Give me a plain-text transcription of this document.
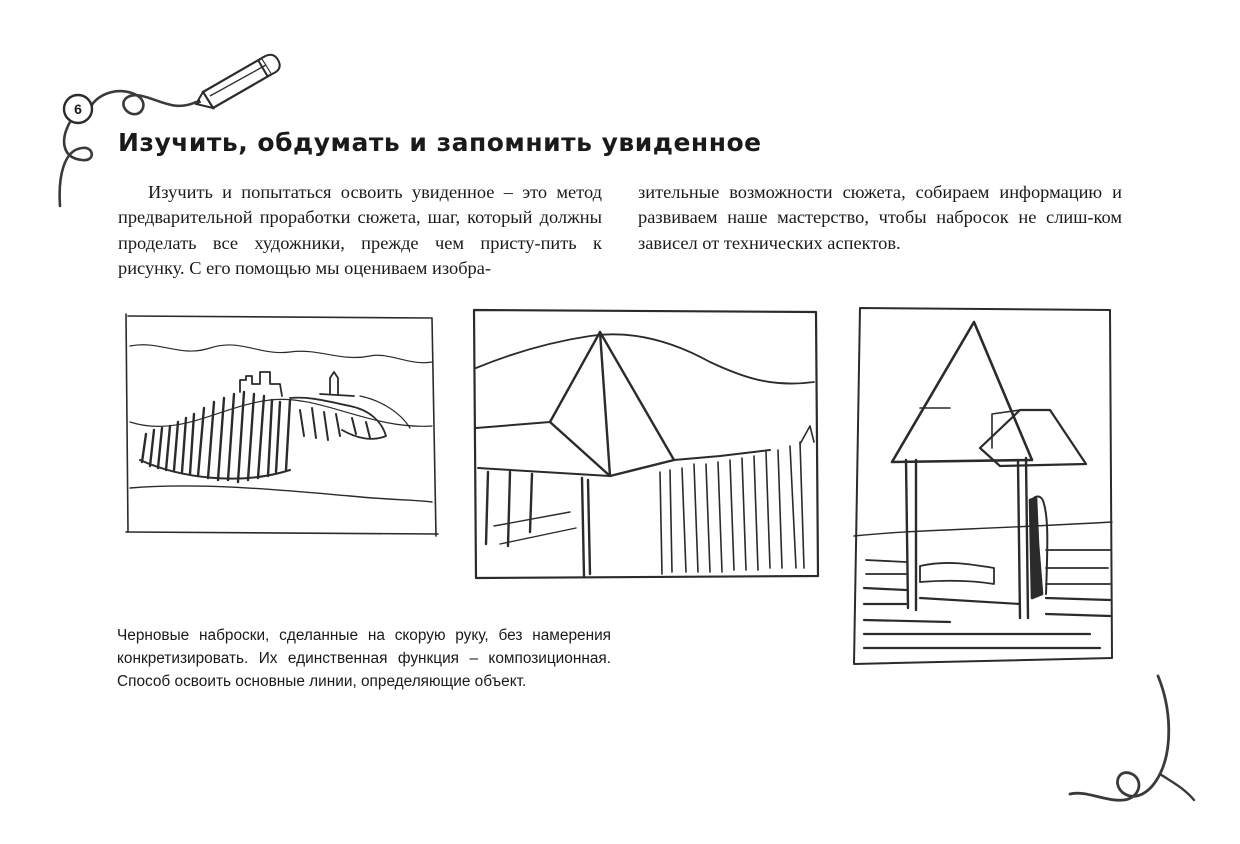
6
Изучить, обдумать и запомнить увиденное
Изучить и попытаться освоить увиденное – это метод предварительной проработки сюжета, шаг, который должны проделать все художники, прежде чем присту-пить к рисунку. С его помощью мы оцениваем изобра-
зительные возможности сюжета, собираем информацию и развиваем наше мастерство, чтобы набросок не слиш-ком зависел от технических аспектов.
Черновые наброски, сделанные на скорую руку, без намерения конкретизировать. Их единственная функция – композиционная. Способ освоить основные линии, определяющие объект.
